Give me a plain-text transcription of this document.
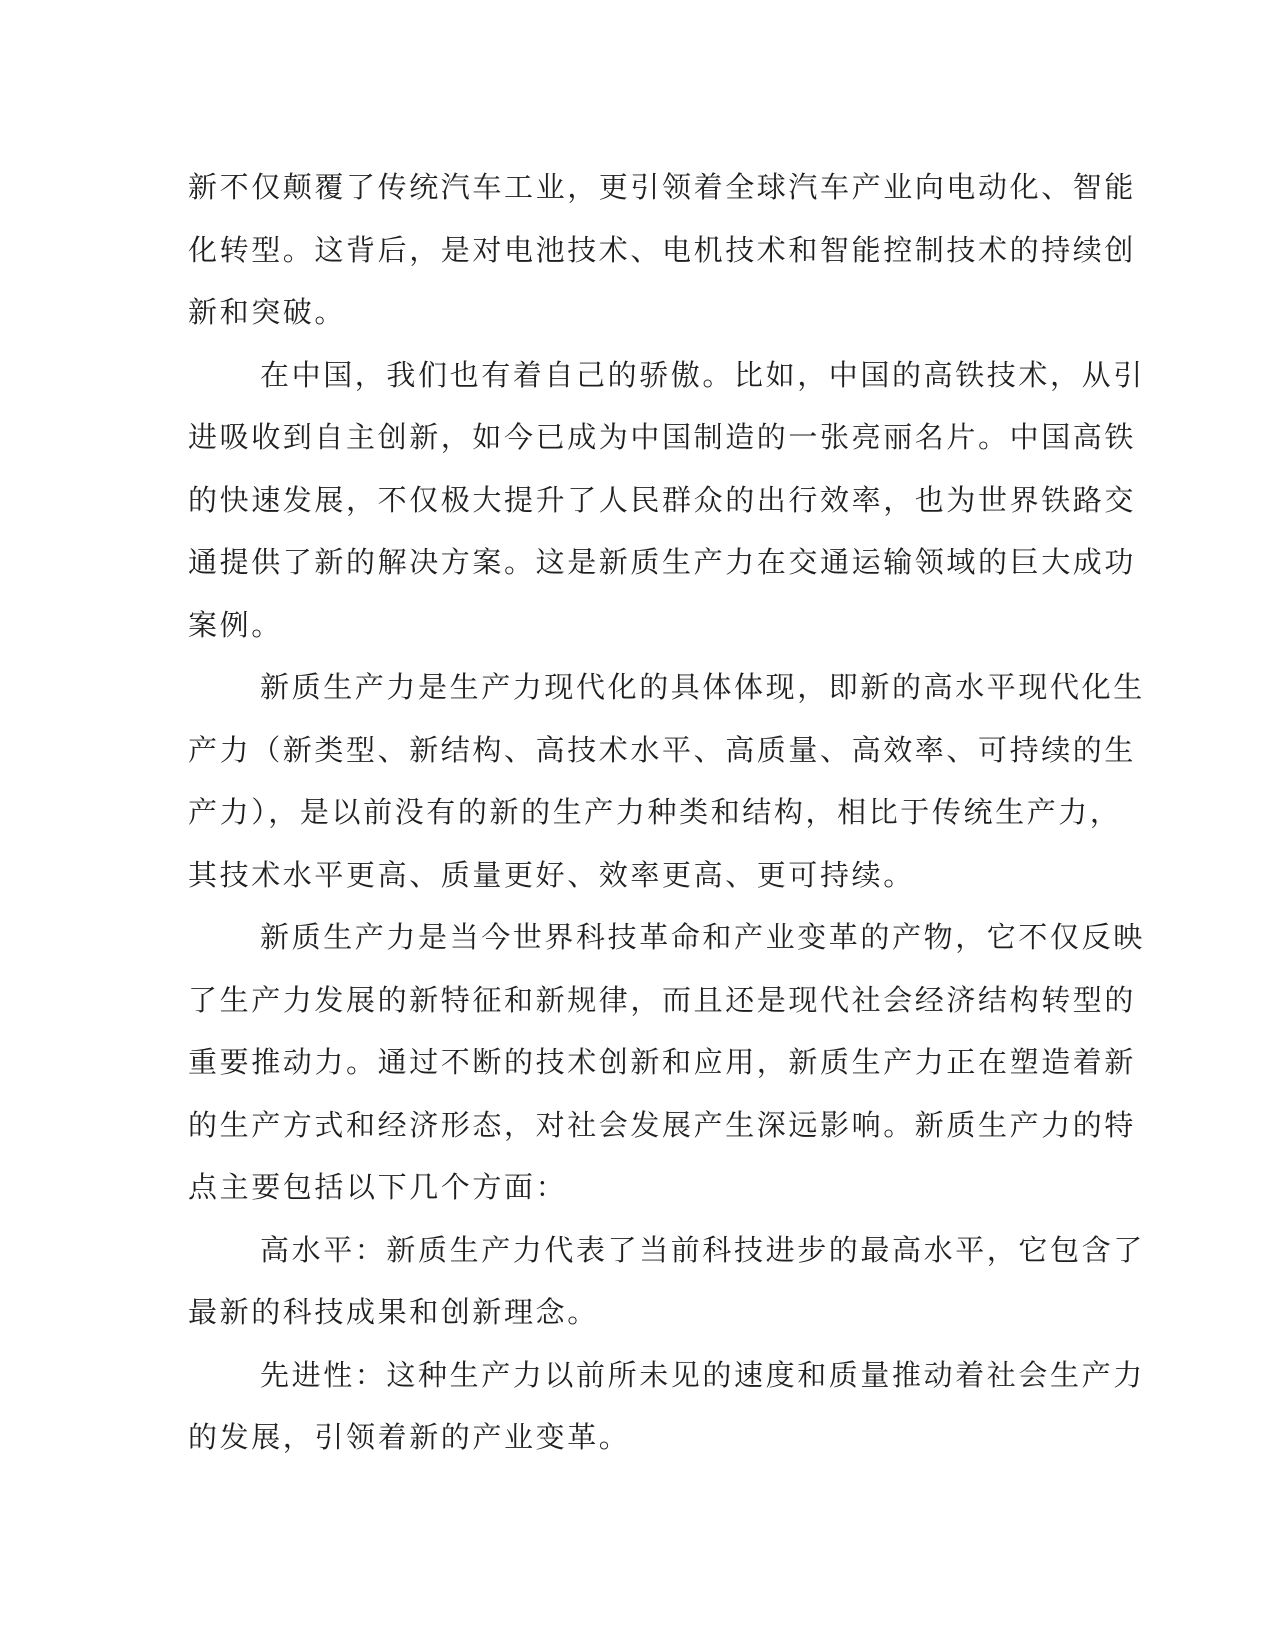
新不仅颠覆了传统汽车工业，更引领着全球汽车产业向电动化、智能
化转型。这背后，是对电池技术、电机技术和智能控制技术的持续创
新和突破。
在中国，我们也有着自己的骄傲。比如，中国的高铁技术，从引
进吸收到自主创新，如今已成为中国制造的一张亮丽名片。中国高铁
的快速发展，不仅极大提升了人民群众的出行效率，也为世界铁路交
通提供了新的解决方案。这是新质生产力在交通运输领域的巨大成功
案例。
新质生产力是生产力现代化的具体体现，即新的高水平现代化生
产力（新类型、新结构、高技术水平、高质量、高效率、可持续的生
产力），是以前没有的新的生产力种类和结构，相比于传统生产力，
其技术水平更高、质量更好、效率更高、更可持续。
新质生产力是当今世界科技革命和产业变革的产物，它不仅反映
了生产力发展的新特征和新规律，而且还是现代社会经济结构转型的
重要推动力。通过不断的技术创新和应用，新质生产力正在塑造着新
的生产方式和经济形态，对社会发展产生深远影响。新质生产力的特
点主要包括以下几个方面：
高水平：新质生产力代表了当前科技进步的最高水平，它包含了
最新的科技成果和创新理念。
先进性：这种生产力以前所未见的速度和质量推动着社会生产力
的发展，引领着新的产业变革。
